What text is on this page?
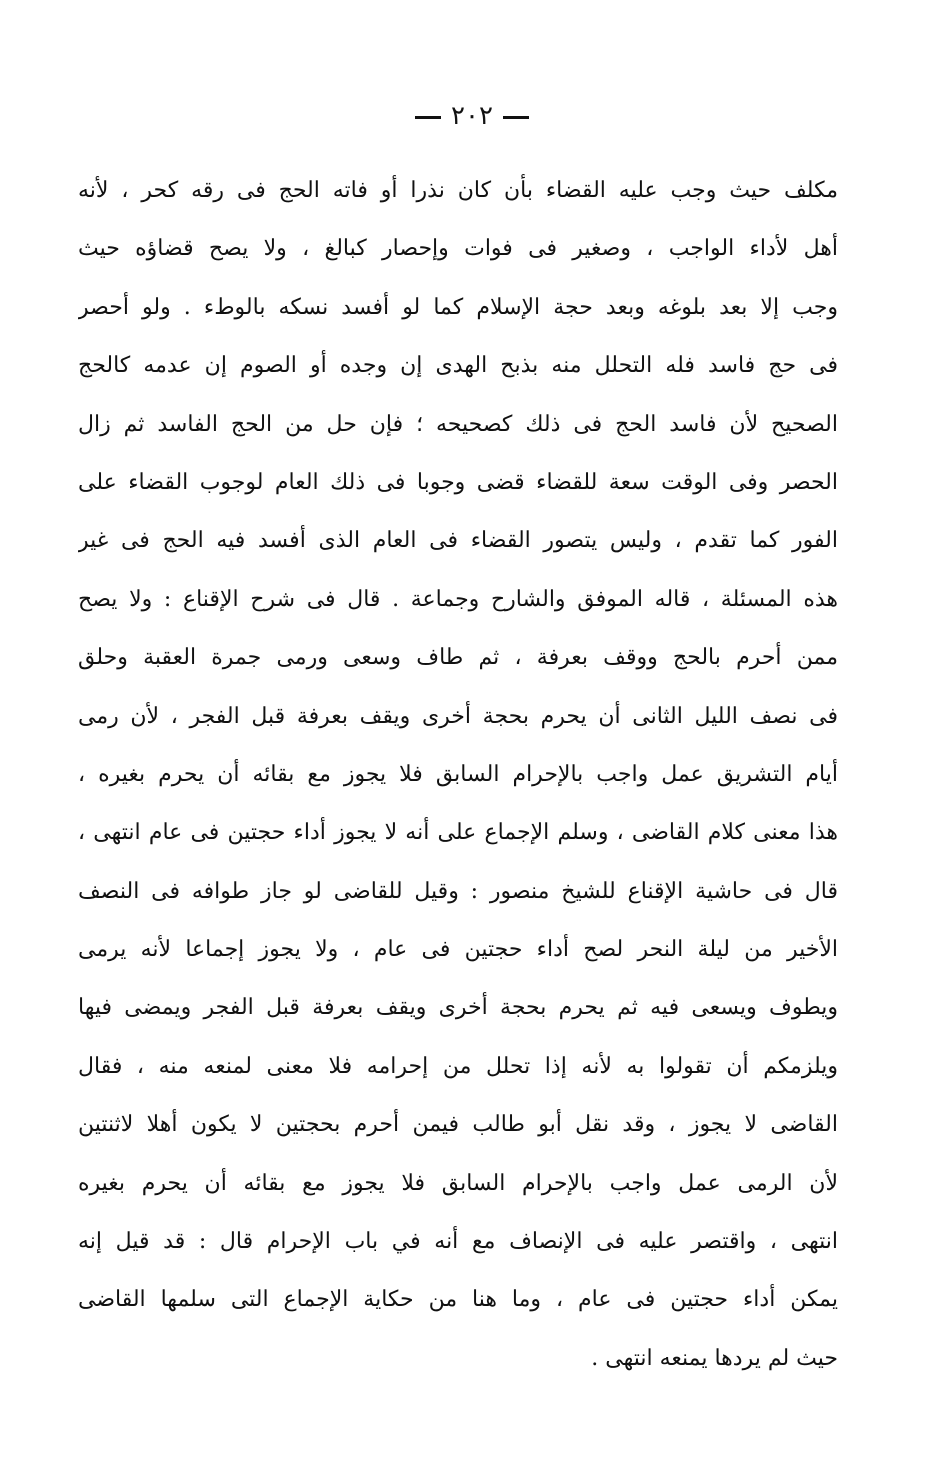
٢٠٢
مكلف حيث وجب عليه القضاء بأن كان نذرا أو فاته الحج فى رقه كحر ، لأنه
أهل لأداء الواجب ، وصغير فى فوات وإحصار كبالغ ، ولا يصح قضاؤه حيث
وجب إلا بعد بلوغه وبعد حجة الإسلام كما لو أفسد نسكه بالوطء . ولو أحصر
فى حج فاسد فله التحلل منه بذبح الهدى إن وجده أو الصوم إن عدمه كالحج
الصحيح لأن فاسد الحج فى ذلك كصحيحه ؛ فإن حل من الحج الفاسد ثم زال
الحصر وفى الوقت سعة للقضاء قضى وجوبا فى ذلك العام لوجوب القضاء على
الفور كما تقدم ، وليس يتصور القضاء فى العام الذى أفسد فيه الحج فى غير
هذه المسئلة ، قاله الموفق والشارح وجماعة . قال فى شرح الإقناع : ولا يصح
ممن أحرم بالحج ووقف بعرفة ، ثم طاف وسعى ورمى جمرة العقبة وحلق
فى نصف الليل الثانى أن يحرم بحجة أخرى ويقف بعرفة قبل الفجر ، لأن رمى
أيام التشريق عمل واجب بالإحرام السابق فلا يجوز مع بقائه أن يحرم بغيره ،
هذا معنى كلام القاضى ، وسلم الإجماع على أنه لا يجوز أداء حجتين فى عام انتهى ،
قال فى حاشية الإقناع للشيخ منصور : وقيل للقاضى لو جاز طوافه فى النصف
الأخير من ليلة النحر لصح أداء حجتين فى عام ، ولا يجوز إجماعا لأنه يرمى
ويطوف ويسعى فيه ثم يحرم بحجة أخرى ويقف بعرفة قبل الفجر ويمضى فيها
ويلزمكم أن تقولوا به لأنه إذا تحلل من إحرامه فلا معنى لمنعه منه ، فقال
القاضى لا يجوز ، وقد نقل أبو طالب فيمن أحرم بحجتين لا يكون أهلا لاثنتين
لأن الرمى عمل واجب بالإحرام السابق فلا يجوز مع بقائه أن يحرم بغيره
انتهى ، واقتصر عليه فى الإنصاف مع أنه في باب الإحرام قال : قد قيل إنه
يمكن أداء حجتين فى عام ، وما هنا من حكاية الإجماع التى سلمها القاضى
حيث لم يردها يمنعه انتهى .
